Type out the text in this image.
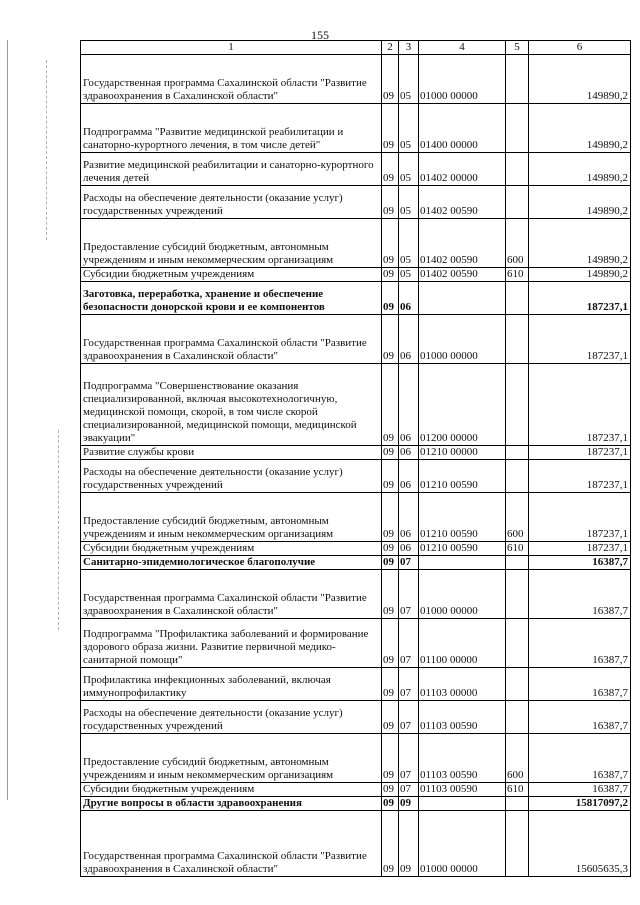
155
1	2	3	4	5	6
Государственная программа Сахалинской области "Развитие здравоохранения в Сахалинской области"	09	05	01000 00000		149890,2
Подпрограмма "Развитие медицинской реабилитации и санаторно-курортного лечения, в том числе детей"	09	05	01400 00000		149890,2
Развитие медицинской реабилитации и санаторно-курортного лечения детей	09	05	01402 00000		149890,2
Расходы на обеспечение деятельности (оказание услуг) государственных учреждений	09	05	01402 00590		149890,2
Предоставление субсидий бюджетным, автономным учреждениям и иным некоммерческим организациям	09	05	01402 00590	600	149890,2
Субсидии бюджетным учреждениям	09	05	01402 00590	610	149890,2
Заготовка, переработка, хранение и обеспечение безопасности донорской крови и ее компонентов	09	06			187237,1
Государственная программа Сахалинской области "Развитие здравоохранения в Сахалинской области"	09	06	01000 00000		187237,1
Подпрограмма "Совершенствование оказания специализированной, включая высокотехнологичную, медицинской помощи, скорой, в том числе скорой специализированной, медицинской помощи, медицинской эвакуации"	09	06	01200 00000		187237,1
Развитие службы крови	09	06	01210 00000		187237,1
Расходы на обеспечение деятельности (оказание услуг) государственных учреждений	09	06	01210 00590		187237,1
Предоставление субсидий бюджетным, автономным учреждениям и иным некоммерческим организациям	09	06	01210 00590	600	187237,1
Субсидии бюджетным учреждениям	09	06	01210 00590	610	187237,1
Санитарно-эпидемиологическое благополучие	09	07			16387,7
Государственная программа Сахалинской области "Развитие здравоохранения в Сахалинской области"	09	07	01000 00000		16387,7
Подпрограмма "Профилактика заболеваний и формирование здорового образа жизни. Развитие первичной медико-санитарной помощи"	09	07	01100 00000		16387,7
Профилактика инфекционных заболеваний, включая иммунопрофилактику	09	07	01103 00000		16387,7
Расходы на обеспечение деятельности (оказание услуг) государственных учреждений	09	07	01103 00590		16387,7
Предоставление субсидий бюджетным, автономным учреждениям и иным некоммерческим организациям	09	07	01103 00590	600	16387,7
Субсидии бюджетным учреждениям	09	07	01103 00590	610	16387,7
Другие вопросы в области здравоохранения	09	09			15817097,2
Государственная программа Сахалинской области "Развитие здравоохранения в Сахалинской области"	09	09	01000 00000		15605635,3
